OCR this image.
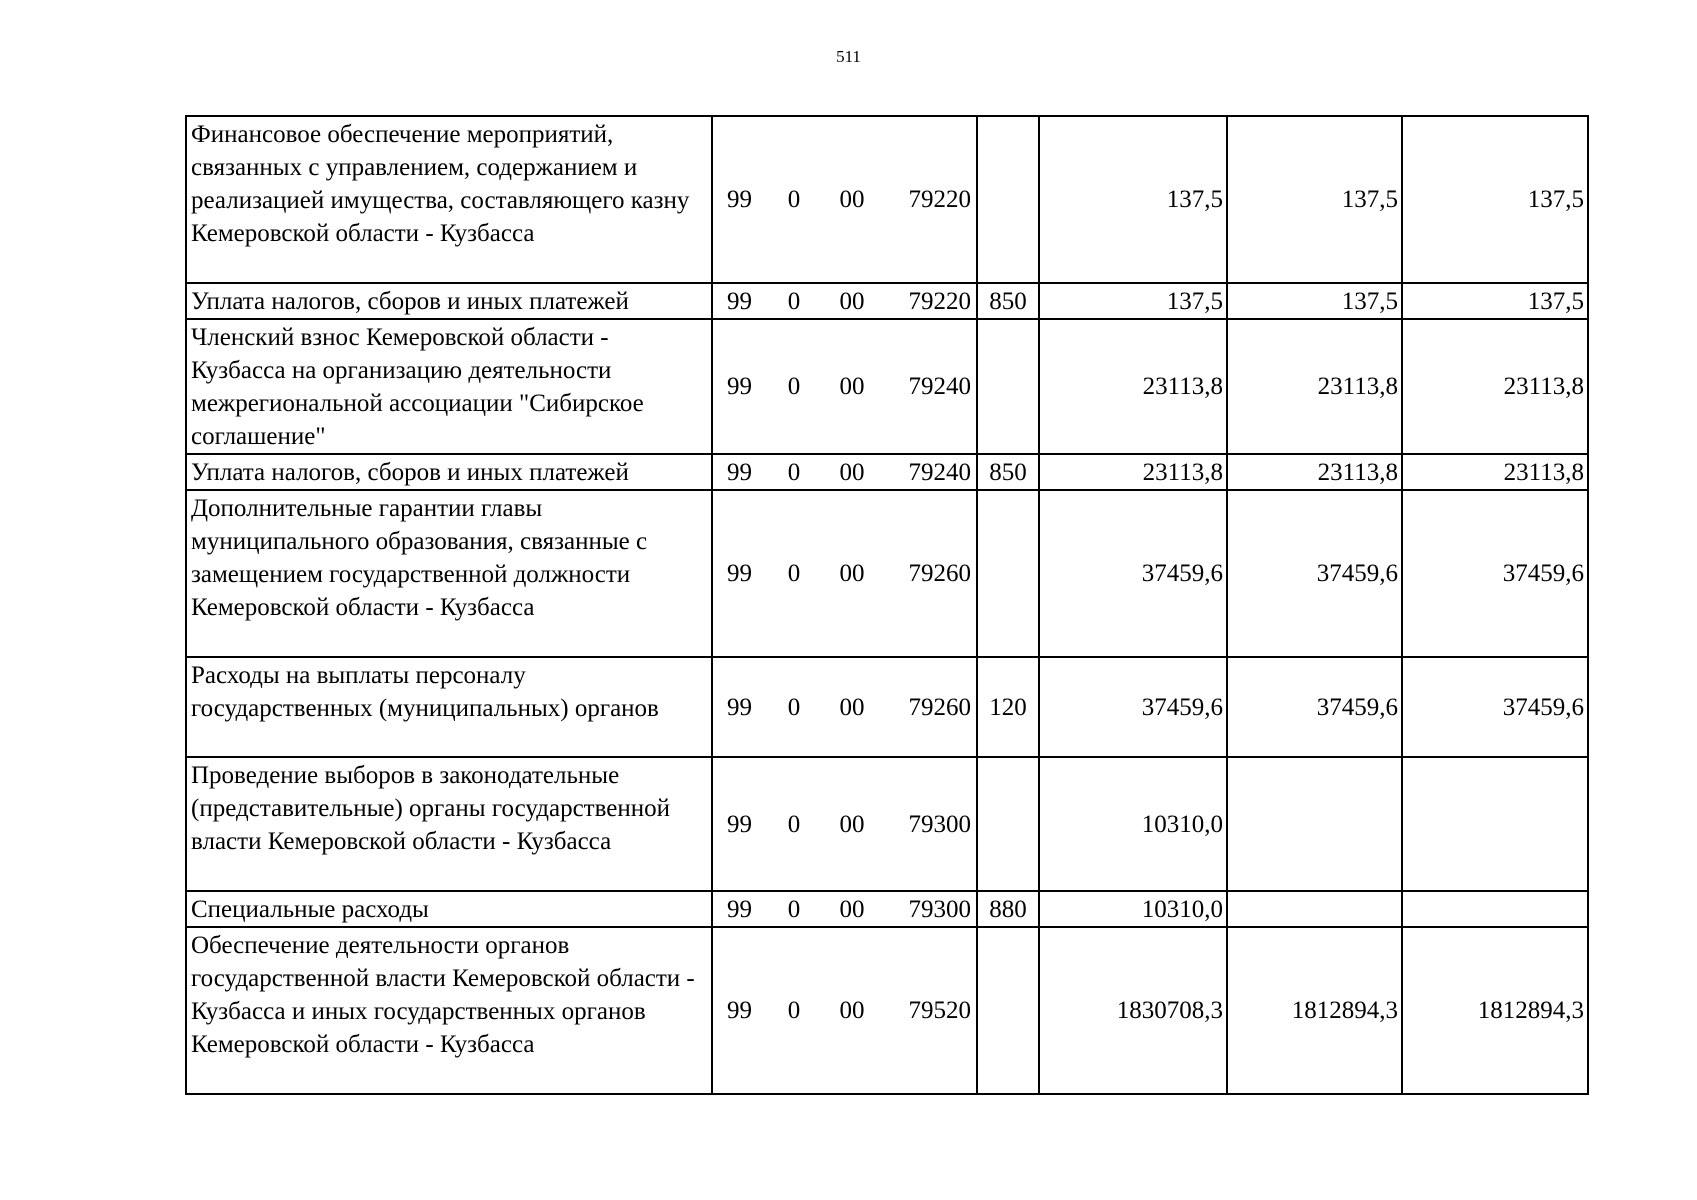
511
Финансовое обеспечение мероприятий, связанных с управлением, содержанием и реализацией имущества, составляющего казну Кемеровской области - Кузбасса	99 0 00 79220		137,5	137,5	137,5
Уплата налогов, сборов и иных платежей	99 0 00 79220	850	137,5	137,5	137,5
Членский взнос Кемеровской области - Кузбасса на организацию деятельности межрегиональной ассоциации "Сибирское соглашение"	99 0 00 79240		23113,8	23113,8	23113,8
Уплата налогов, сборов и иных платежей	99 0 00 79240	850	23113,8	23113,8	23113,8
Дополнительные гарантии главы муниципального образования, связанные с замещением государственной должности Кемеровской области - Кузбасса	99 0 00 79260		37459,6	37459,6	37459,6
Расходы на выплаты персоналу государственных (муниципальных) органов	99 0 00 79260	120	37459,6	37459,6	37459,6
Проведение выборов в законодательные (представительные) органы государственной власти Кемеровской области - Кузбасса	99 0 00 79300		10310,0		
Специальные расходы	99 0 00 79300	880	10310,0		
Обеспечение деятельности органов государственной власти Кемеровской области - Кузбасса и иных государственных органов Кемеровской области - Кузбасса	99 0 00 79520		1830708,3	1812894,3	1812894,3
